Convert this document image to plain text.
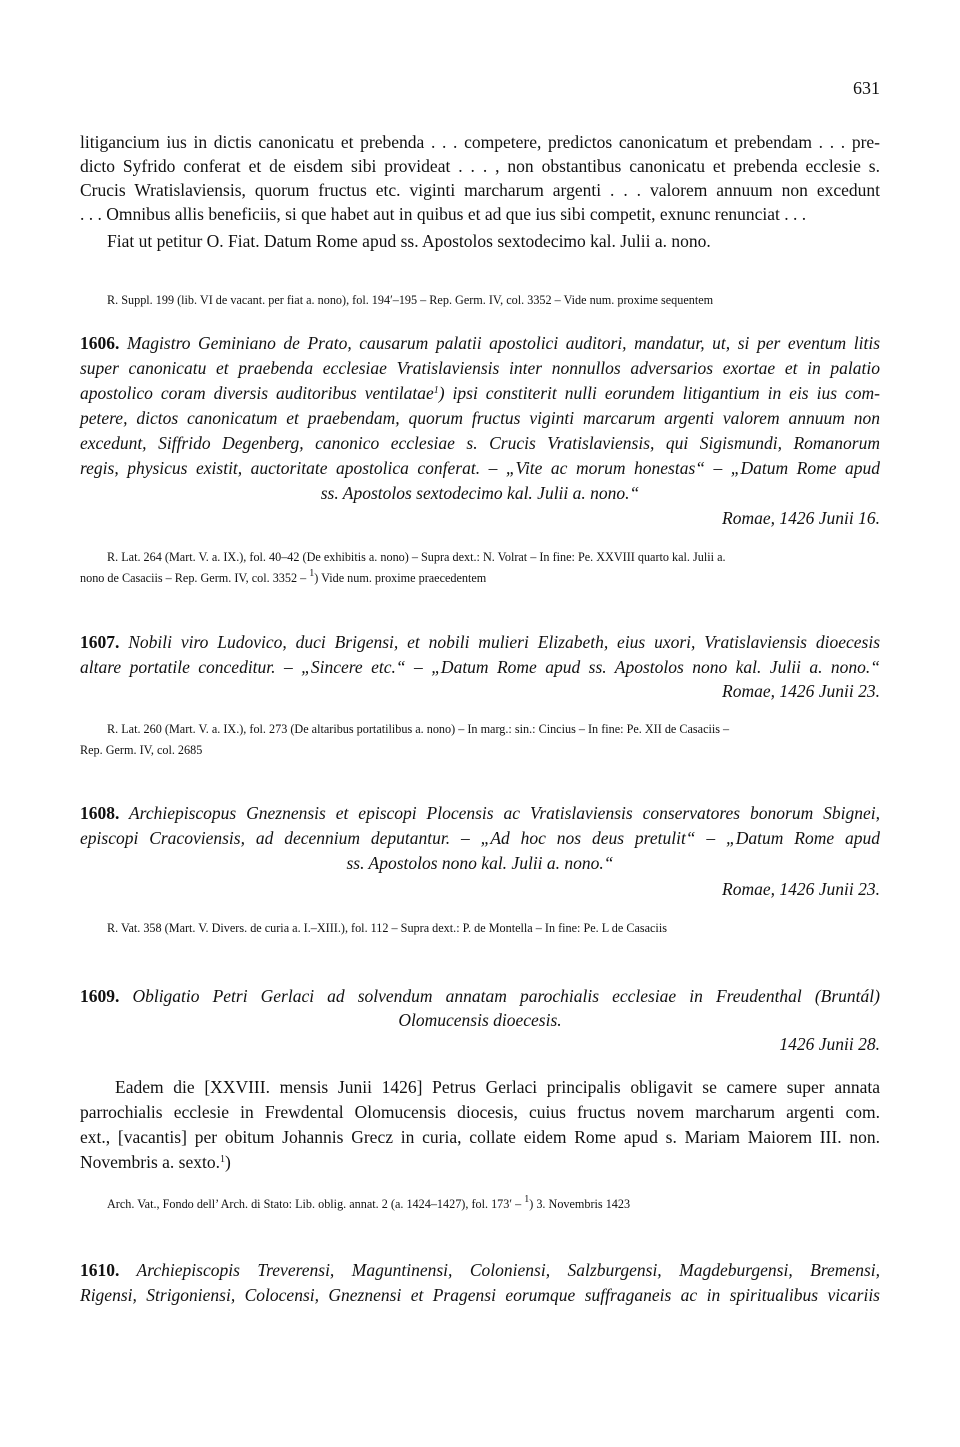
631
litigancium ius in dictis canonicatu et prebenda . . . competere, predictos canonicatum et prebendam . . . pre-
dicto Syfrido conferat et de eisdem sibi provideat . . . , non obstantibus canonicatu et prebenda ecclesie s.
Crucis Wratislaviensis, quorum fructus etc. viginti marcharum argenti . . . valorem annuum non excedunt
. . . Omnibus allis beneficiis, si que habet aut in quibus et ad que ius sibi competit, exnunc renunciat . . .
Fiat ut petitur O. Fiat. Datum Rome apud ss. Apostolos sextodecimo kal. Julii a. nono.
R. Suppl. 199 (lib. VI de vacant. per fiat a. nono), fol. 194′–195 – Rep. Germ. IV, col. 3352 – Vide num. proxime sequentem
1606. Magistro Geminiano de Prato, causarum palatii apostolici auditori, mandatur, ut, si per eventum litis
super canonicatu et praebenda ecclesiae Vratislaviensis inter nonnullos adversarios exortae et in palatio
apostolico coram diversis auditoribus ventilatae$^1$) ipsi constiterit nulli eorundem litigantium in eis ius com-
petere, dictos canonicatum et praebendam, quorum fructus viginti marcarum argenti valorem annuum non
excedunt, Siffrido Degenberg, canonico ecclesiae s. Crucis Vratislaviensis, qui Sigismundi, Romanorum
regis, physicus existit, auctoritate apostolica conferat. – „Vite ac morum honestas“ – „Datum Rome apud
ss. Apostolos sextodecimo kal. Julii a. nono.“
Romae, 1426 Junii 16.
R. Lat. 264 (Mart. V. a. IX.), fol. 40–42 (De exhibitis a. nono) – Supra dext.: N. Volrat – In fine: Pe. XXVIII quarto kal. Julii a.
nono de Casaciis – Rep. Germ. IV, col. 3352 – $^1$) Vide num. proxime praecedentem
1607. Nobili viro Ludovico, duci Brigensi, et nobili mulieri Elizabeth, eius uxori, Vratislaviensis dioecesis
altare portatile conceditur. – „Sincere etc.“ – „Datum Rome apud ss. Apostolos nono kal. Julii a. nono.“
Romae, 1426 Junii 23.
R. Lat. 260 (Mart. V. a. IX.), fol. 273 (De altaribus portatilibus a. nono) – In marg.: sin.: Cincius – In fine: Pe. XII de Casaciis –
Rep. Germ. IV, col. 2685
1608. Archiepiscopus Gneznensis et episcopi Plocensis ac Vratislaviensis conservatores bonorum Sbignei,
episcopi Cracoviensis, ad decennium deputantur. – „Ad hoc nos deus pretulit“ – „Datum Rome apud
ss. Apostolos nono kal. Julii a. nono.“
Romae, 1426 Junii 23.
R. Vat. 358 (Mart. V. Divers. de curia a. I.–XIII.), fol. 112 – Supra dext.: P. de Montella – In fine: Pe. L de Casaciis
1609. Obligatio Petri Gerlaci ad solvendum annatam parochialis ecclesiae in Freudenthal (Bruntál)
Olomucensis dioecesis.
1426 Junii 28.
Eadem die [XXVIII. mensis Junii 1426] Petrus Gerlaci principalis obligavit se camere super annata
parrochialis ecclesie in Frewdental Olomucensis diocesis, cuius fructus novem marcharum argenti com.
ext., [vacantis] per obitum Johannis Grecz in curia, collate eidem Rome apud s. Mariam Maiorem III. non.
Novembris a. sexto.$^1$)
Arch. Vat., Fondo dell’ Arch. di Stato: Lib. oblig. annat. 2 (a. 1424–1427), fol. 173′ – $^1$) 3. Novembris 1423
1610. Archiepiscopis Treverensi, Maguntinensi, Coloniensi, Salzburgensi, Magdeburgensi, Bremensi,
Rigensi, Strigoniensi, Colocensi, Gneznensi et Pragensi eorumque suffraganeis ac in spiritualibus vicariis
